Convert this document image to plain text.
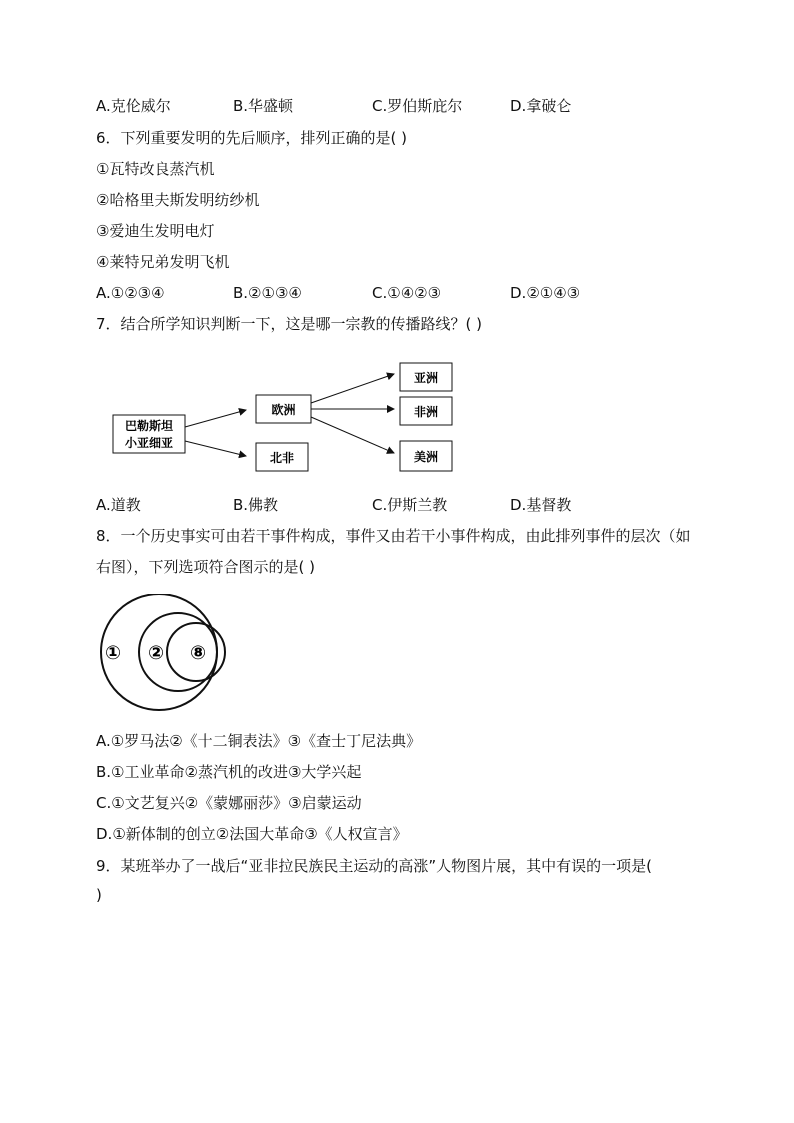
A.克伦威尔	B.华盛顿	C.罗伯斯庇尔	D.拿破仑
6．下列重要发明的先后顺序，排列正确的是( )
①瓦特改良蒸汽机
②哈格里夫斯发明纺纱机
③爱迪生发明电灯
④莱特兄弟发明飞机
A.①②③④	B.②①③④	C.①④②③	D.②①④③
7．结合所学知识判断一下，这是哪一宗教的传播路线？( )
巴勒斯坦
小亚细亚
欧洲
北非
亚洲
非洲
美洲
A.道教	B.佛教	C.伊斯兰教	D.基督教
8．一个历史事实可由若干事件构成，事件又由若干小事件构成，由此排列事件的层次（如右图），下列选项符合图示的是( )
① ② ⑧
A.①罗马法②《十二铜表法》③《查士丁尼法典》
B.①工业革命②蒸汽机的改进③大学兴起
C.①文艺复兴②《蒙娜丽莎》③启蒙运动
D.①新体制的创立②法国大革命③《人权宣言》
9．某班举办了一战后“亚非拉民族民主运动的高涨”人物图片展，其中有误的一项是(
)
